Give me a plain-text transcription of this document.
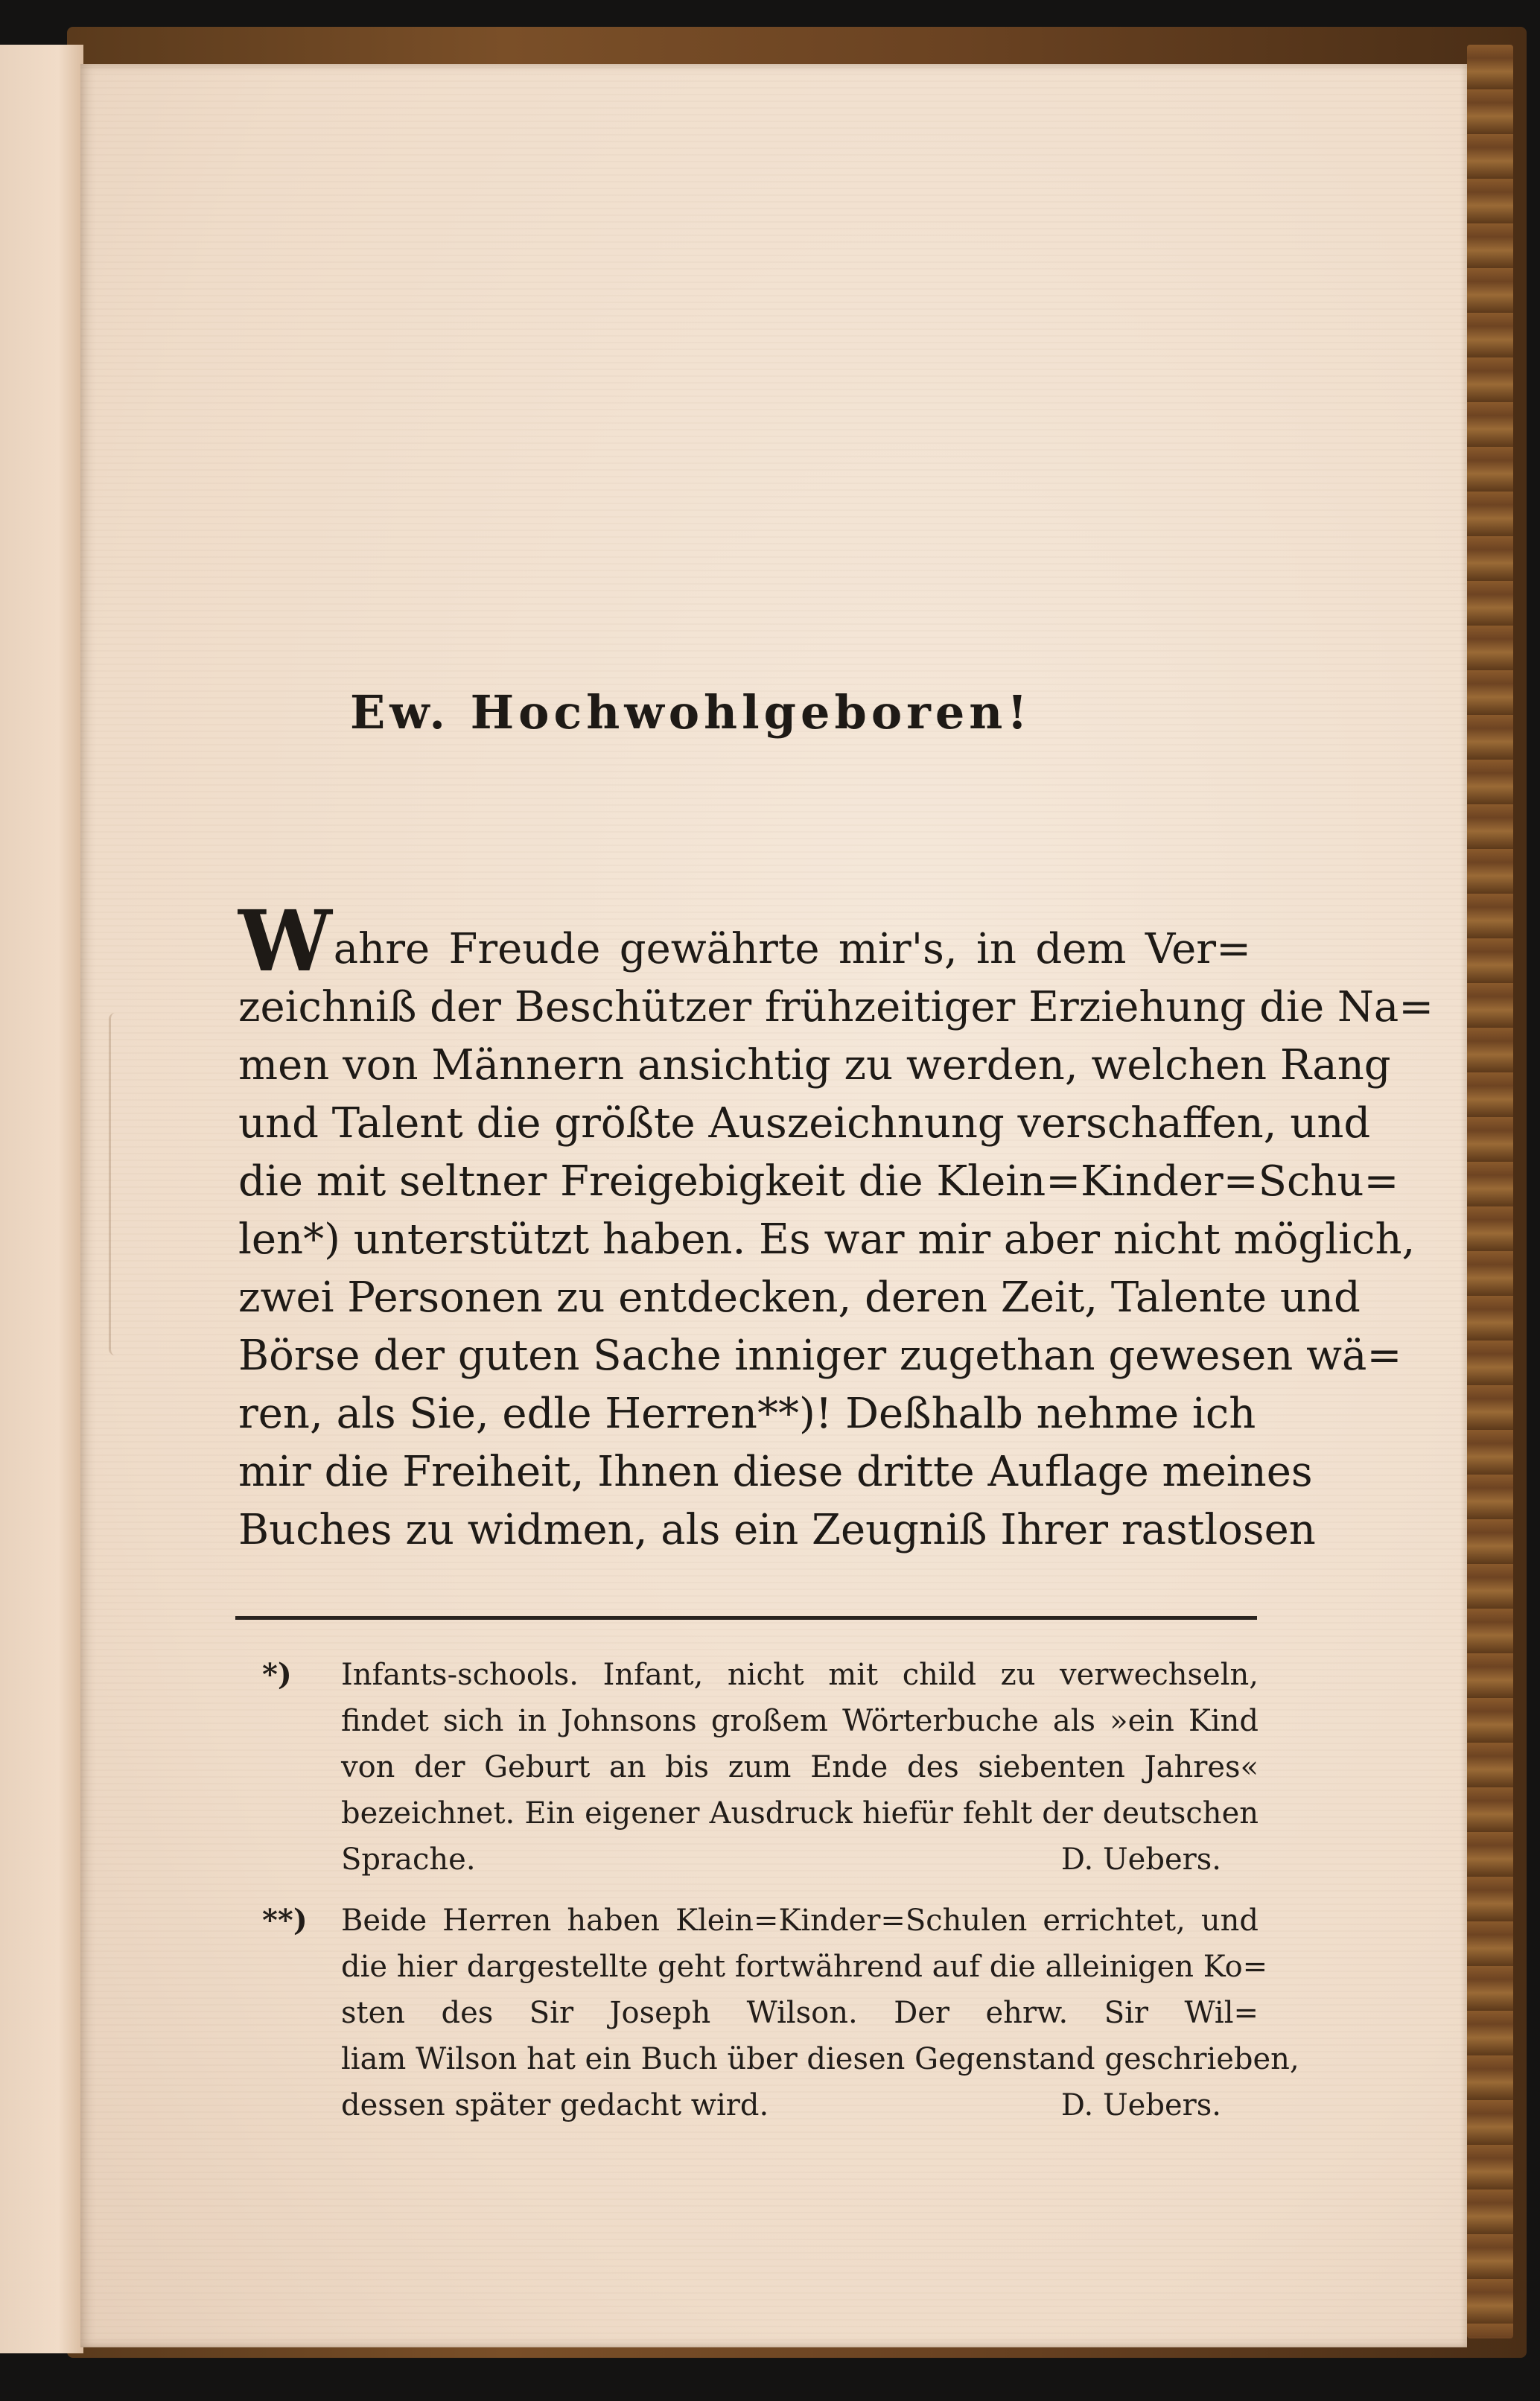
Ew. Hochwohlgeboren!
Wahre Freude gewährte mir's, in dem Ver=
zeichniß der Beschützer frühzeitiger Erziehung die Na=
men von Männern ansichtig zu werden, welchen Rang
und Talent die größte Auszeichnung verschaffen, und
die mit seltner Freigebigkeit die Klein=Kinder=Schu=
len*) unterstützt haben. Es war mir aber nicht möglich,
zwei Personen zu entdecken, deren Zeit, Talente und
Börse der guten Sache inniger zugethan gewesen wä=
ren, als Sie, edle Herren**)! Deßhalb nehme ich
mir die Freiheit, Ihnen diese dritte Auflage meines
Buches zu widmen, als ein Zeugniß Ihrer rastlosen
*) Infants-schools. Infant, nicht mit child zu verwechseln,
findet sich in Johnsons großem Wörterbuche als »ein Kind
von der Geburt an bis zum Ende des siebenten Jahres«
bezeichnet. Ein eigener Ausdruck hiefür fehlt der deutschen
Sprache.	D. Uebers.
**) Beide Herren haben Klein=Kinder=Schulen errichtet, und
die hier dargestellte geht fortwährend auf die alleinigen Ko=
sten des Sir Joseph Wilson. Der ehrw. Sir Wil=
liam Wilson hat ein Buch über diesen Gegenstand geschrieben,
dessen später gedacht wird.	D. Uebers.
